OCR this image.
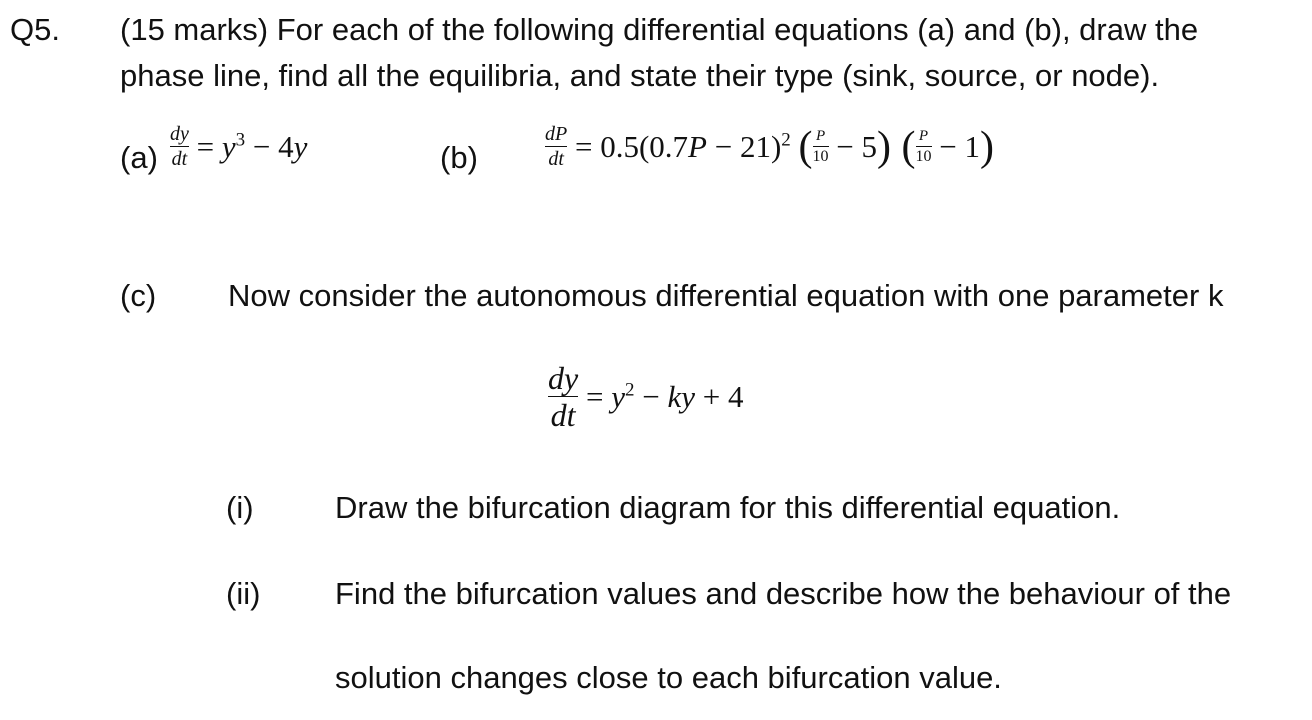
Q5. (15 marks) For each of the following differential equations (a) and (b), draw the
phase line, find all the equilibria, and state their type (sink, source, or node).
$(a) \frac{dy}{dt} = y^3 - 4y$	(b)	$\frac{dP}{dt} = 0.5(0.7P - 21)^2$ ( $\frac{P}{10} - 5$ ) ( $\frac{P}{10} - 1$ )
(c) Now consider the autonomous differential equation with one parameter k
$\frac{dy}{dt} = y^2$ − ky + 4
(i)	Draw the bifurcation diagram for this differential equation.
(ii) Find the bifurcation values and describe how the behaviour of the
solution changes close to each bifurcation value.
